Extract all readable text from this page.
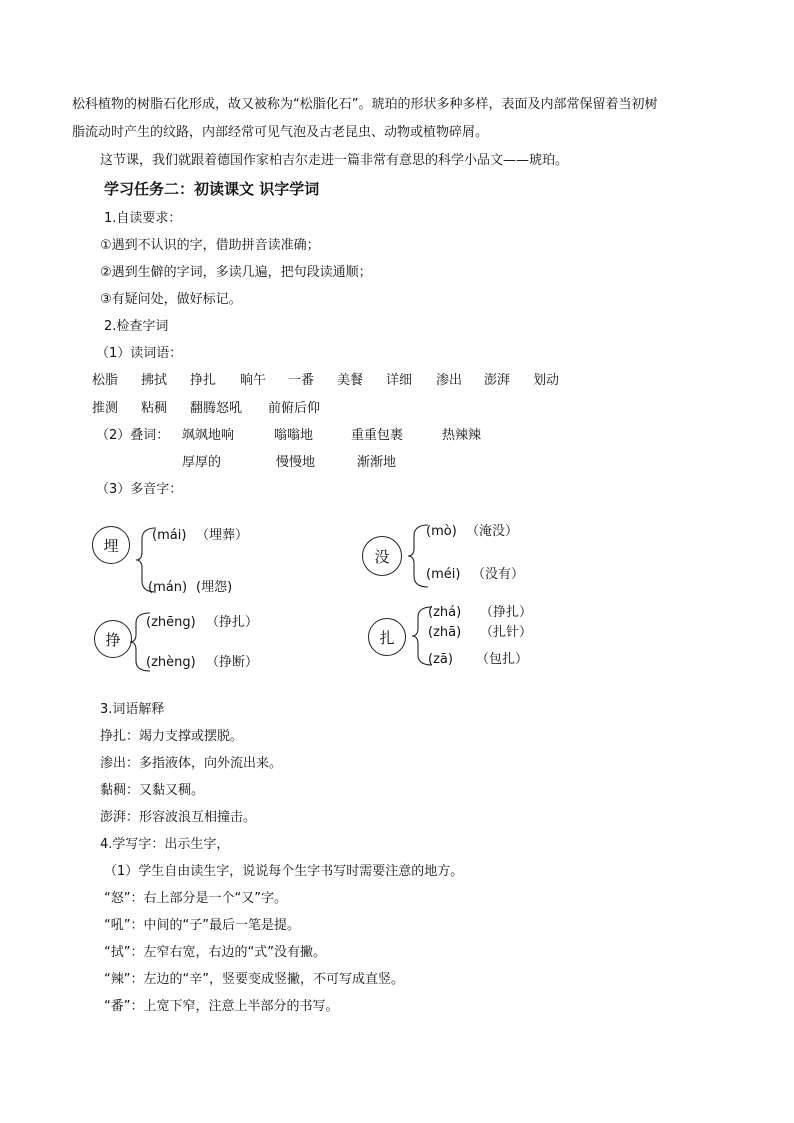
松科植物的树脂石化形成，故又被称为“松脂化石”。琥珀的形状多种多样，表面及内部常保留着当初树
脂流动时产生的纹路，内部经常可见气泡及古老昆虫、动物或植物碎屑。
这节课，我们就跟着德国作家柏吉尔走进一篇非常有意思的科学小品文——琥珀。
学习任务二：初读课文 识字学词
1.自读要求：
①遇到不认识的字，借助拼音读准确；
②遇到生僻的字词，多读几遍，把句段读通顺；
③有疑问处，做好标记。
2.检查字词
（1）读词语：
松脂 拂拭 挣扎 晌午 一番 美餐 详细 渗出 澎湃 划动
推测 粘稠 翻腾怒吼 前俯后仰
（2）叠词： 飒飒地响	嗡嗡地	重重包裹	热辣辣
厚厚的	慢慢地	渐渐地
（3）多音字：
埋
(mái) （埋葬）
(mán) (埋怨)
没
(mò) （淹没）
(méi) （没有）
挣
(zhēng) （挣扎）
(zhèng) （挣断）
扎
(zhá) （挣扎）
(zhā) （扎针）
(zā) （包扎）
3.词语解释
挣扎：竭力支撑或摆脱。
渗出：多指液体，向外流出来。
黏稠：又黏又稠。
澎湃：形容波浪互相撞击。
4.学写字：出示生字，
（1）学生自由读生字，说说每个生字书写时需要注意的地方。
“怒”：右上部分是一个“又”字。
“吼”：中间的“子”最后一笔是提。
“拭”：左窄右宽，右边的“式”没有撇。
“辣”：左边的“辛”，竖要变成竖撇，不可写成直竖。
“番”：上宽下窄，注意上半部分的书写。
